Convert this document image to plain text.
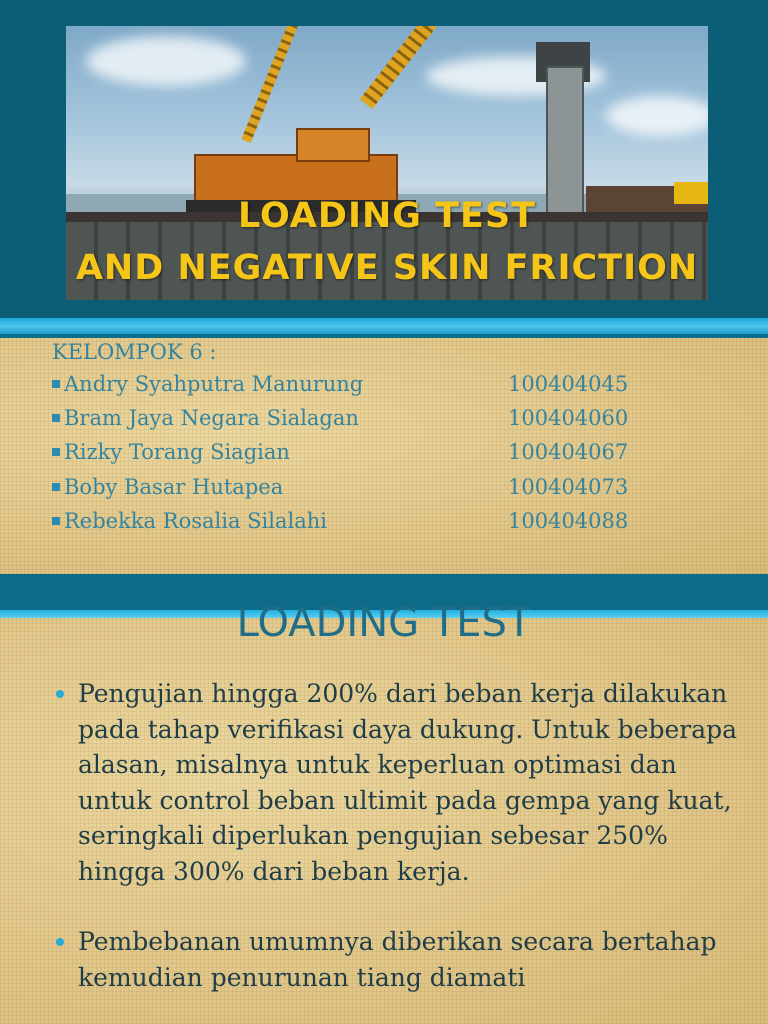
LOADING TEST
AND NEGATIVE SKIN FRICTION

KELOMPOK 6 :

Andry Syahputra Manurung	100404045
Bram Jaya Negara Sialagan	100404060
Rizky Torang Siagian	100404067
Boby Basar Hutapea	100404073
Rebekka Rosalia Silalahi	100404088
LOADING TEST
Pengujian hingga 200% dari beban kerja dilakukan pada tahap verifikasi daya dukung. Untuk beberapa alasan, misalnya untuk keperluan optimasi dan untuk control beban ultimit pada gempa yang kuat, seringkali diperlukan pengujian sebesar 250% hingga 300% dari beban kerja.
Pembebanan umumnya diberikan secara bertahap kemudian penurunan tiang diamati
